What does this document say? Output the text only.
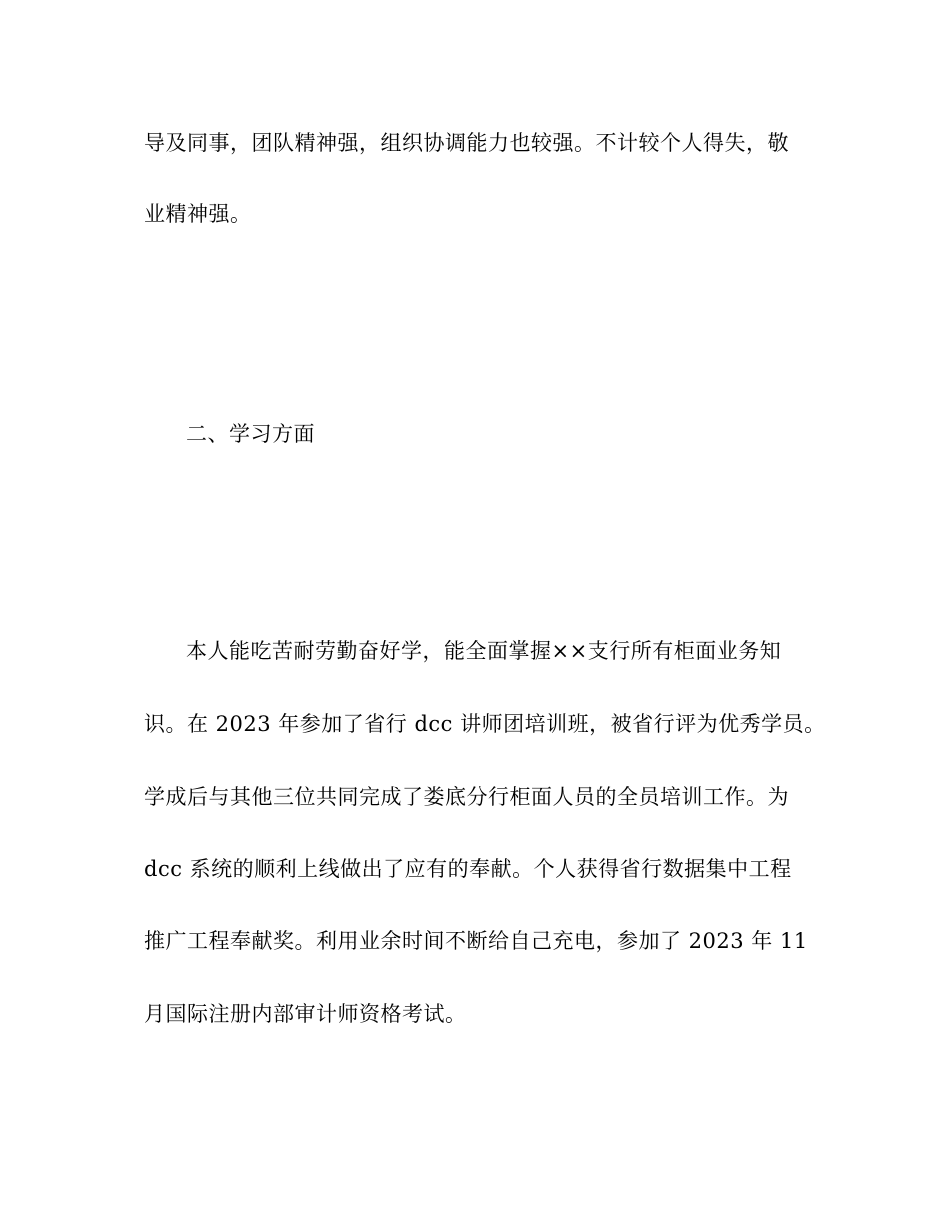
导及同事，团队精神强，组织协调能力也较强。不计较个人得失，敬
业精神强。
二、学习方面
本人能吃苦耐劳勤奋好学，能全面掌握××支行所有柜面业务知
识。在 2023 年参加了省行 dcc 讲师团培训班，被省行评为优秀学员。
学成后与其他三位共同完成了娄底分行柜面人员的全员培训工作。为
dcc 系统的顺利上线做出了应有的奉献。个人获得省行数据集中工程
推广工程奉献奖。利用业余时间不断给自己充电，参加了 2023 年 11
月国际注册内部审计师资格考试。
